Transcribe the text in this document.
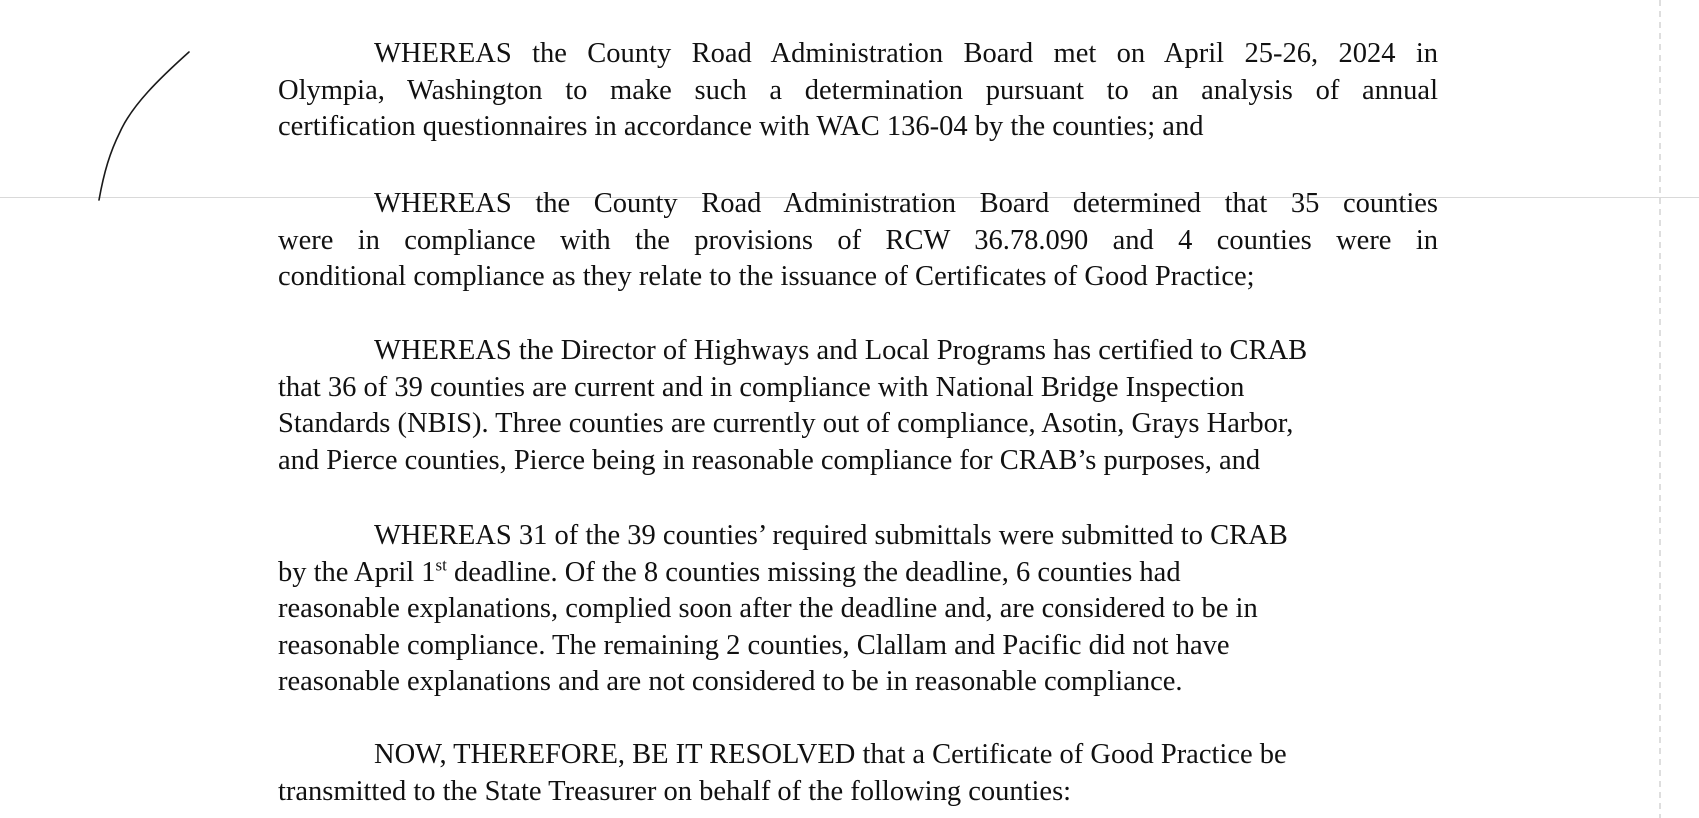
WHEREAS the County Road Administration Board met on April 25-26, 2024 in
Olympia, Washington to make such a determination pursuant to an analysis of annual
certification questionnaires in accordance with WAC 136-04 by the counties; and
WHEREAS the County Road Administration Board determined that 35 counties
were in compliance with the provisions of RCW 36.78.090 and 4 counties were in
conditional compliance as they relate to the issuance of Certificates of Good Practice;
WHEREAS the Director of Highways and Local Programs has certified to CRAB
that 36 of 39 counties are current and in compliance with National Bridge Inspection
Standards (NBIS). Three counties are currently out of compliance, Asotin, Grays Harbor,
and Pierce counties, Pierce being in reasonable compliance for CRAB’s purposes, and
WHEREAS 31 of the 39 counties’ required submittals were submitted to CRAB
by the April 1st deadline. Of the 8 counties missing the deadline, 6 counties had
reasonable explanations, complied soon after the deadline and, are considered to be in
reasonable compliance. The remaining 2 counties, Clallam and Pacific did not have
reasonable explanations and are not considered to be in reasonable compliance.
NOW, THEREFORE, BE IT RESOLVED that a Certificate of Good Practice be
transmitted to the State Treasurer on behalf of the following counties:
